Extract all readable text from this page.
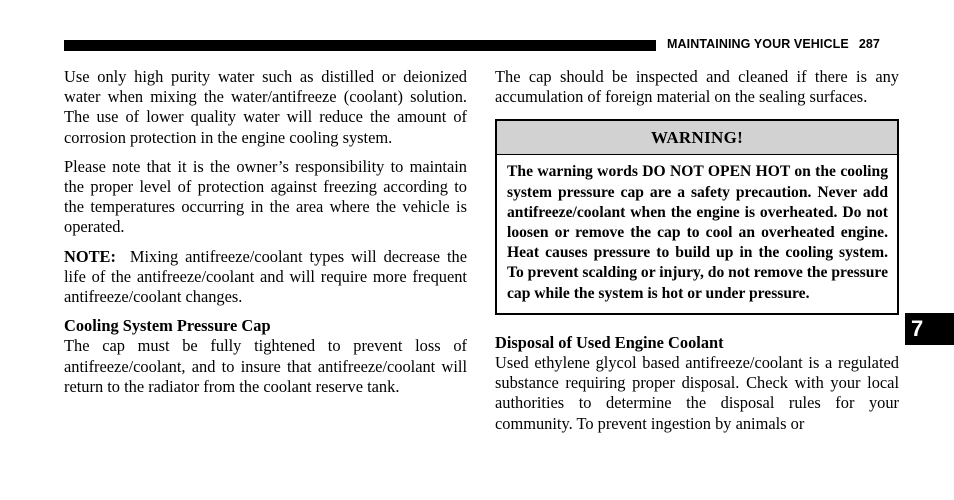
MAINTAINING YOUR VEHICLE 287

Use only high purity water such as distilled or deionized water when mixing the water/antifreeze (coolant) solution. The use of lower quality water will reduce the amount of corrosion protection in the engine cooling system.

Please note that it is the owner’s responsibility to maintain the proper level of protection against freezing according to the temperatures occurring in the area where the vehicle is operated.

NOTE: Mixing antifreeze/coolant types will decrease the life of the antifreeze/coolant and will require more frequent antifreeze/coolant changes.

Cooling System Pressure Cap
The cap must be fully tightened to prevent loss of antifreeze/coolant, and to insure that antifreeze/coolant will return to the radiator from the coolant reserve tank.

The cap should be inspected and cleaned if there is any accumulation of foreign material on the sealing surfaces.

WARNING!
The warning words DO NOT OPEN HOT on the cooling system pressure cap are a safety precaution. Never add antifreeze/coolant when the engine is overheated. Do not loosen or remove the cap to cool an overheated engine. Heat causes pressure to build up in the cooling system. To prevent scalding or injury, do not remove the pressure cap while the system is hot or under pressure.

Disposal of Used Engine Coolant
Used ethylene glycol based antifreeze/coolant is a regulated substance requiring proper disposal. Check with your local authorities to determine the disposal rules for your community. To prevent ingestion by animals or

7
